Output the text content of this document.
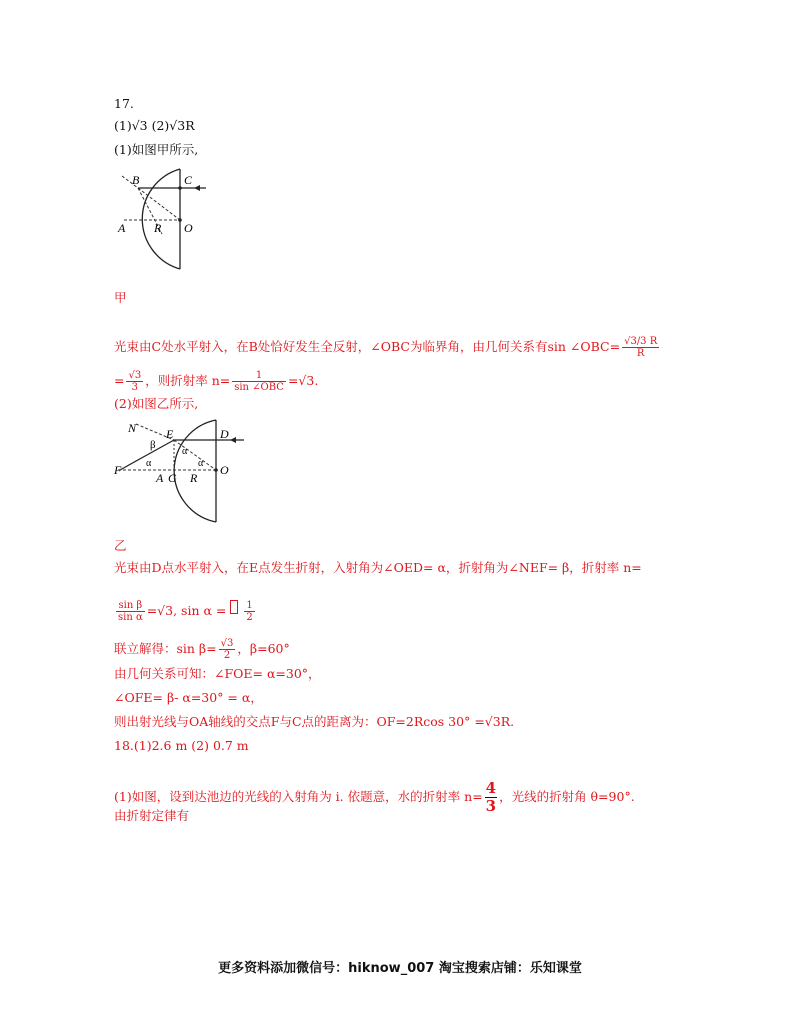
17.
(1)√3 (2)√3R
(1)如图甲所示,
B	C
A R O
甲
光束由C处水平射入，在B处恰好发生全反射，∠OBC为临界角，由几何关系有sin ∠OBC= $\frac{√3/3 R}{R}$
= $\frac{√3}{3}$ ，则折射率 $n= \frac{1}{\text{sin ∠OBC}} =√3$.
(2)如图乙所示,
N E	D
F	O
A G R
β
α
α
α
乙
光束由D点水平射入，在E点发生折射，入射角为∠OED= α，折射角为∠NEF= β，折射率 n=
$\frac{\text{sin β}}{\text{sin α}} =√3$, $\sin \alpha = \frac{1}{2}$
联立解得：$\sin \beta= \frac{√3}{2}$ ，β=60°
由几何关系可知：∠FOE= α=30°，
∠OFE= β- α=30° = α，
则出射光线与OA轴线的交点F与C点的距离为：OF=2Rcos 30° =√3R.
18.(1)2.6 m (2) 0.7 m
(1)如图，设到达池边的光线的入射角为 i. 依题意，水的折射率 $n= \frac{4}{3}$ ，光线的折射角 θ=90°.
由折射定律有
更多资料添加微信号：hiknow_007 淘宝搜索店铺：乐知课堂
